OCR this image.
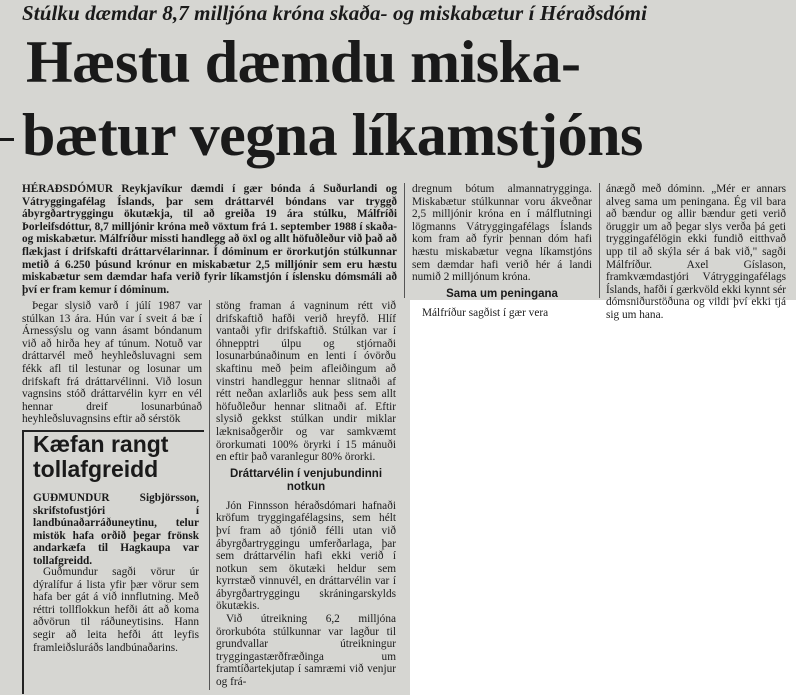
Stúlku dæmdar 8,7 milljóna króna skaða- og miskabætur í Héraðsdómi
Hæstu dæmdu miska-
bætur vegna líkamstjóns

HÉRAÐSDÓMUR Reykjavíkur dæmdi í gær bónda á Suðurlandi og Vátryggingafélag Íslands, þar sem dráttarvél bóndans var tryggð ábyrgðartryggingu ökutækja, til að greiða 19 ára stúlku, Málfríði Þorleifsdóttur, 8,7 milljónir króna með vöxtum frá 1. september 1988 í skaða- og miskabætur. Málfríður missti handlegg að öxl og allt höfuðleður við það að flækjast í drifskafti dráttarvélarinnar. Í dóminum er örorkutjón stúlkunnar metið á 6.250 þúsund krónur en miskabætur 2,5 milljónir sem eru hæstu miskabætur sem dæmdar hafa verið fyrir líkamstjón í íslensku dómsmáli að því er fram kemur í dóminum.

Þegar slysið varð í júlí 1987 var stúlkan 13 ára. Hún var í sveit á bæ í Árnessýslu og vann ásamt bóndanum við að hirða hey af túnum. Notuð var dráttarvél með heyhleðsluvagni sem fékk afl til lestunar og losunar um drifskaft frá dráttarvélinni. Við losun vagnsins stóð dráttarvélin kyrr en vél hennar dreif losunarbúnað heyhleðsluvagnsins eftir að sérstök

stöng framan á vagninum rétt við drifskaftið hafði verið hreyfð. Hlíf vantaði yfir drifskaftið. Stúlkan var í óhnepptri úlpu og stjórnaði losunarbúnaðinum en lenti í óvörðu skaftinu með þeim afleiðingum að vinstri handleggur hennar slitnaði af rétt neðan axlarliðs auk þess sem allt höfuðleður hennar slitnaði af. Eftir slysið gekkst stúlkan undir miklar læknisaðgerðir og var samkvæmt örorkumati 100% öryrki í 15 mánuði en eftir það varanlegur 80% örorki.

Dráttarvélin í venjubundinni notkun

Jón Finnsson héraðsdómari hafnaði kröfum tryggingafélagsins, sem hélt því fram að tjónið félli utan við ábyrgðartryggingu umferðarlaga, þar sem dráttarvélin hafi ekki verið í notkun sem ökutæki heldur sem kyrrstæð vinnuvél, en dráttarvélin var í ábyrgðartryggingu skráningarskylds ökutækis.

Við útreikning 6,2 milljóna örorkubóta stúlkunnar var lagður til grundvallar útreikningur tryggingastærðfræðinga um framtíðartekjutap í samræmi við venjur og frá-

dregnum bótum almannatrygginga. Miskabætur stúlkunnar voru ákveðnar 2,5 milljónir króna en í málflutningi lögmanns Vátryggingafélags Íslands kom fram að fyrir þennan dóm hafi hæstu miskabætur vegna líkamstjóns sem dæmdar hafi verið hér á landi numið 2 milljónum króna.

Sama um peningana

Málfríður sagðist í gær vera

ánægð með dóminn. „Mér er annars alveg sama um peningana. Ég vil bara að bændur og allir bændur geti verið öruggir um að þegar slys verða þá geti tryggingafélögin ekki fundið eitthvað upp til að skýla sér á bak við," sagði Málfríður. Axel Gíslason, framkvæmdastjóri Vátryggingafélags Íslands, hafði í gærkvöld ekki kynnt sér dómsniðurstöðuna og vildi því ekki tjá sig um hana.

Kæfan rangt
tollafgreidd
GUÐMUNDUR Sigbjörsson, skrifstofustjóri í landbúnaðarráðuneytinu, telur mistök hafa orðið þegar frönsk andarkæfa til Hagkaupa var tollafgreidd.

Guðmundur sagði vörur úr dýralífur á lista yfir þær vörur sem hafa ber gát á við innflutning. Með réttri tollflokkun hefði átt að koma aðvörun til ráðuneytisins. Hann segir að leita hefði átt leyfis framleiðsluráðs landbúnaðarins.
